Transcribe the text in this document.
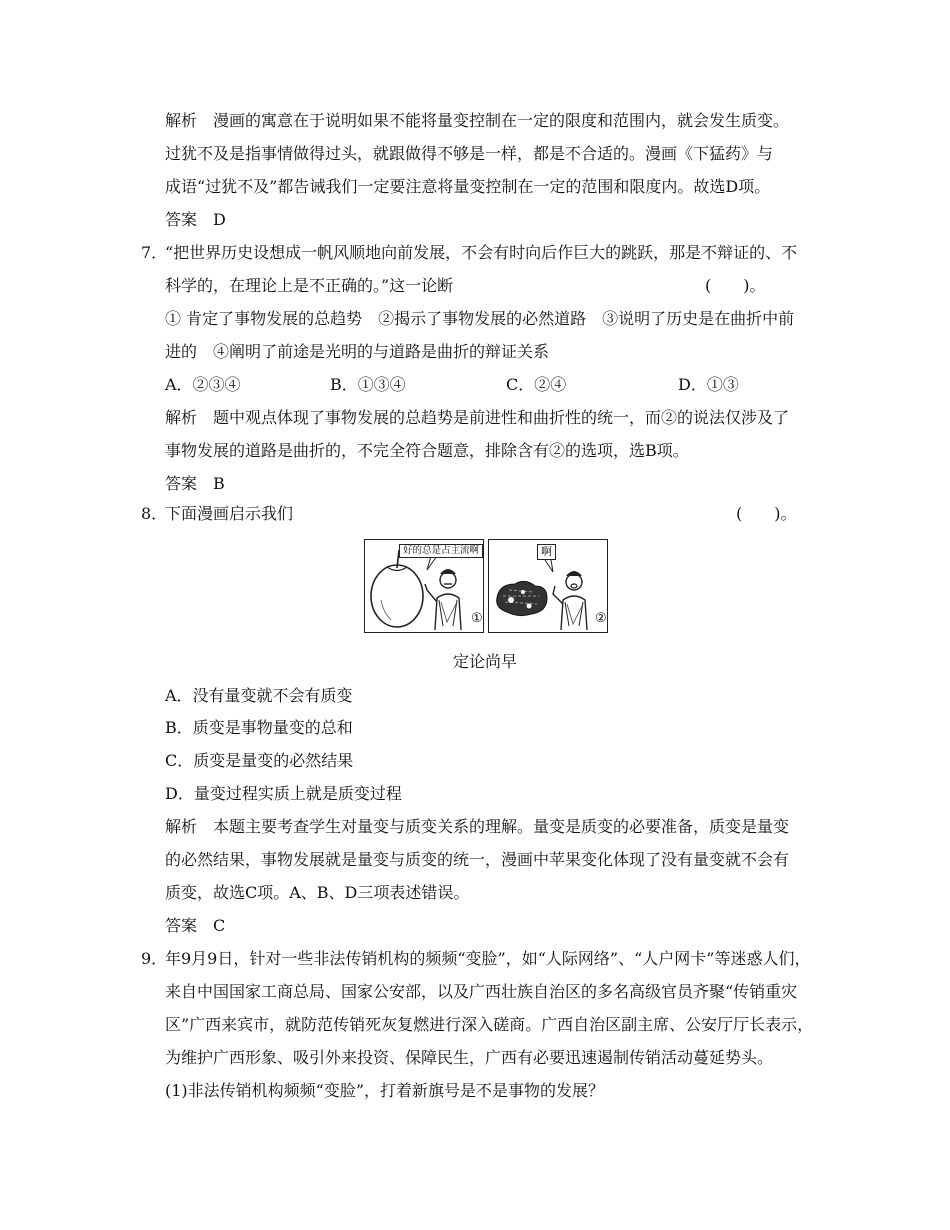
解析 漫画的寓意在于说明如果不能将量变控制在一定的限度和范围内，就会发生质变。
过犹不及是指事情做得过头，就跟做得不够是一样，都是不合适的。漫画《下猛药》与
成语“过犹不及”都告诫我们一定要注意将量变控制在一定的范围和限度内。故选D项。
答案 D
7．
“把世界历史设想成一帆风顺地向前发展，不会有时向后作巨大的跳跃，那是不辩证的、不
科学的，在理论上是不正确的。”这一论断	(　　)。
① 肯定了事物发展的总趋势　②揭示了事物发展的必然道路　③说明了历史是在曲折中前
进的　④阐明了前途是光明的与道路是曲折的辩证关系
A．②③④	B．①③④	C．②④	D．①③
解析 题中观点体现了事物发展的总趋势是前进性和曲折性的统一，而②的说法仅涉及了
事物发展的道路是曲折的，不完全符合题意，排除含有②的选项，选B项。
答案 B
8．
下面漫画启示我们	(　　)。
好的总是占主流啊
①
啊
②
定论尚早
A．没有量变就不会有质变
B．质变是事物量变的总和
C．质变是量变的必然结果
D．量变过程实质上就是质变过程
解析 本题主要考查学生对量变与质变关系的理解。量变是质变的必要准备，质变是量变
的必然结果，事物发展就是量变与质变的统一，漫画中苹果变化体现了没有量变就不会有
质变，故选C项。A、B、D三项表述错误。
答案 C
9．
年9月9日，针对一些非法传销机构的频频“变脸”，如“人际网络”、“人户网卡”等迷惑人们，
来自中国国家工商总局、国家公安部，以及广西壮族自治区的多名高级官员齐聚“传销重灾
区”广西来宾市，就防范传销死灰复燃进行深入磋商。广西自治区副主席、公安厅厅长表示，
为维护广西形象、吸引外来投资、保障民生，广西有必要迅速遏制传销活动蔓延势头。
(1)非法传销机构频频“变脸”，打着新旗号是不是事物的发展？
